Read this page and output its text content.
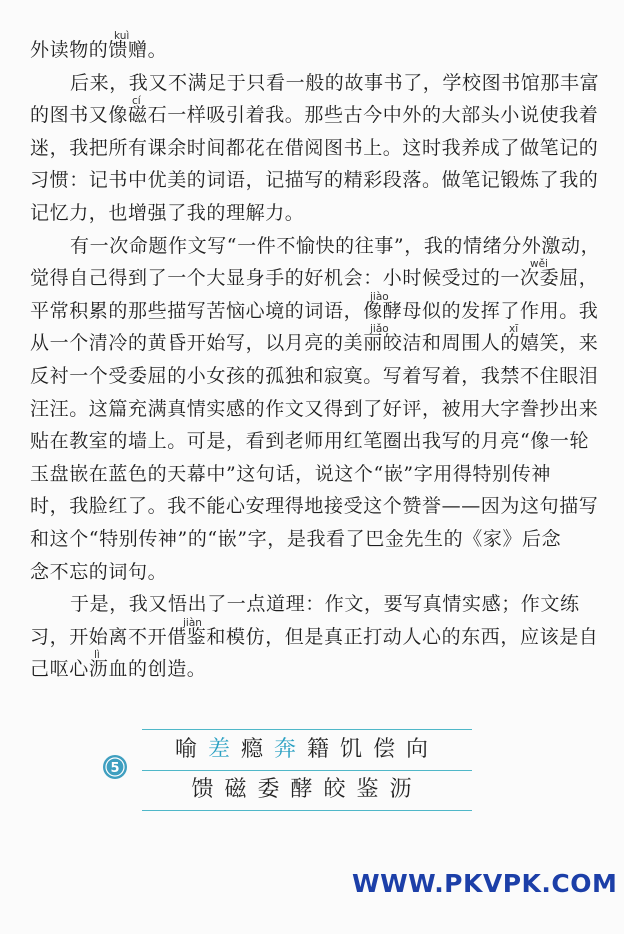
kuì
外读物的馈赠。
后来，我又不满足于只看一般的故事书了，学校图书馆那丰富
cí
的图书又像磁石一样吸引着我。那些古今中外的大部头小说使我着
迷，我把所有课余时间都花在借阅图书上。这时我养成了做笔记的
习惯：记书中优美的词语，记描写的精彩段落。做笔记锻炼了我的
记忆力，也增强了我的理解力。
有一次命题作文写“一件不愉快的往事”，我的情绪分外激动，
wěi
觉得自己得到了一个大显身手的好机会：小时候受过的一次委屈，
jiào
平常积累的那些描写苦恼心境的词语，像酵母似的发挥了作用。我
jiǎo	xī
从一个清冷的黄昏开始写，以月亮的美丽皎洁和周围人的嬉笑，来
反衬一个受委屈的小女孩的孤独和寂寞。写着写着，我禁不住眼泪
汪汪。这篇充满真情实感的作文又得到了好评，被用大字誊抄出来
贴在教室的墙上。可是，看到老师用红笔圈出我写的月亮“像一轮
玉盘嵌在蓝色的天幕中”这句话，说这个“嵌”字用得特别传神
时，我脸红了。我不能心安理得地接受这个赞誉——因为这句描写
和这个“特别传神”的“嵌”字，是我看了巴金先生的《家》后念
念不忘的词句。
于是，我又悟出了一点道理：作文，要写真情实感；作文练
jiàn
习，开始离不开借鉴和模仿，但是真正打动人心的东西，应该是自
lì
己呕心沥血的创造。
5
喻差瘾奔籍饥偿向
馈磁委酵皎鉴沥
WWW.PKVPK.COM
